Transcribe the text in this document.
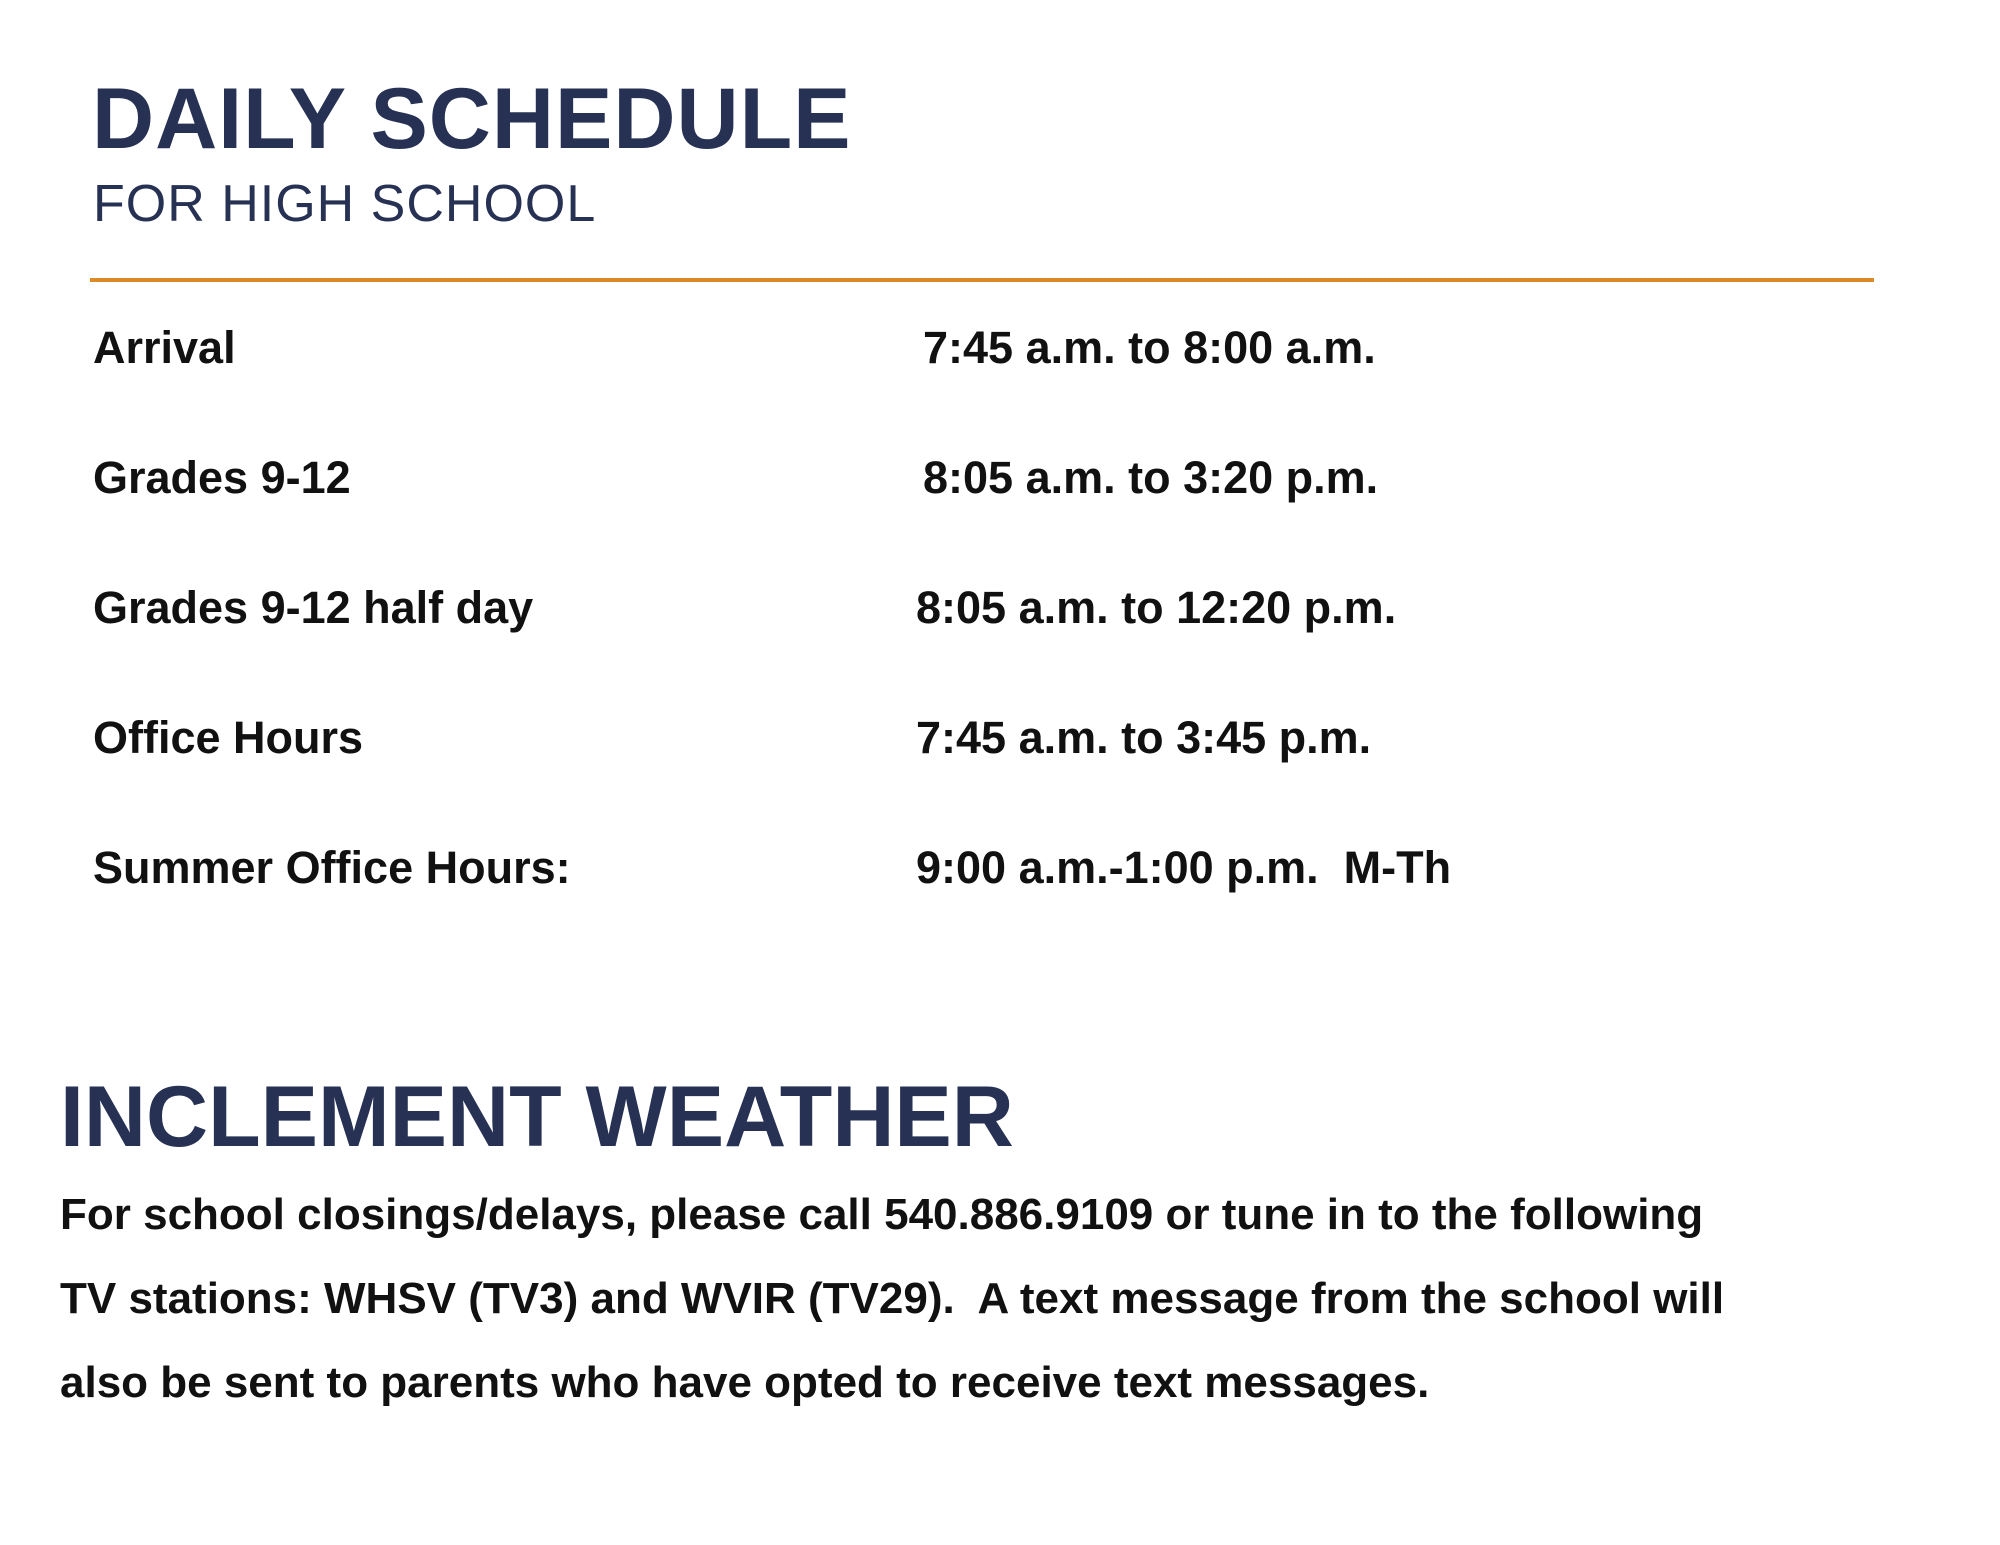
DAILY SCHEDULE
FOR HIGH SCHOOL
Arrival	7:45 a.m. to 8:00 a.m.
Grades 9-12	8:05 a.m. to 3:20 p.m.
Grades 9-12 half day	8:05 a.m. to 12:20 p.m.
Office Hours	7:45 a.m. to 3:45 p.m.
Summer Office Hours:	9:00 a.m.-1:00 p.m.  M-Th
INCLEMENT WEATHER
For school closings/delays, please call 540.886.9109 or tune in to the following
TV stations: WHSV (TV3) and WVIR (TV29).  A text message from the school will
also be sent to parents who have opted to receive text messages.
